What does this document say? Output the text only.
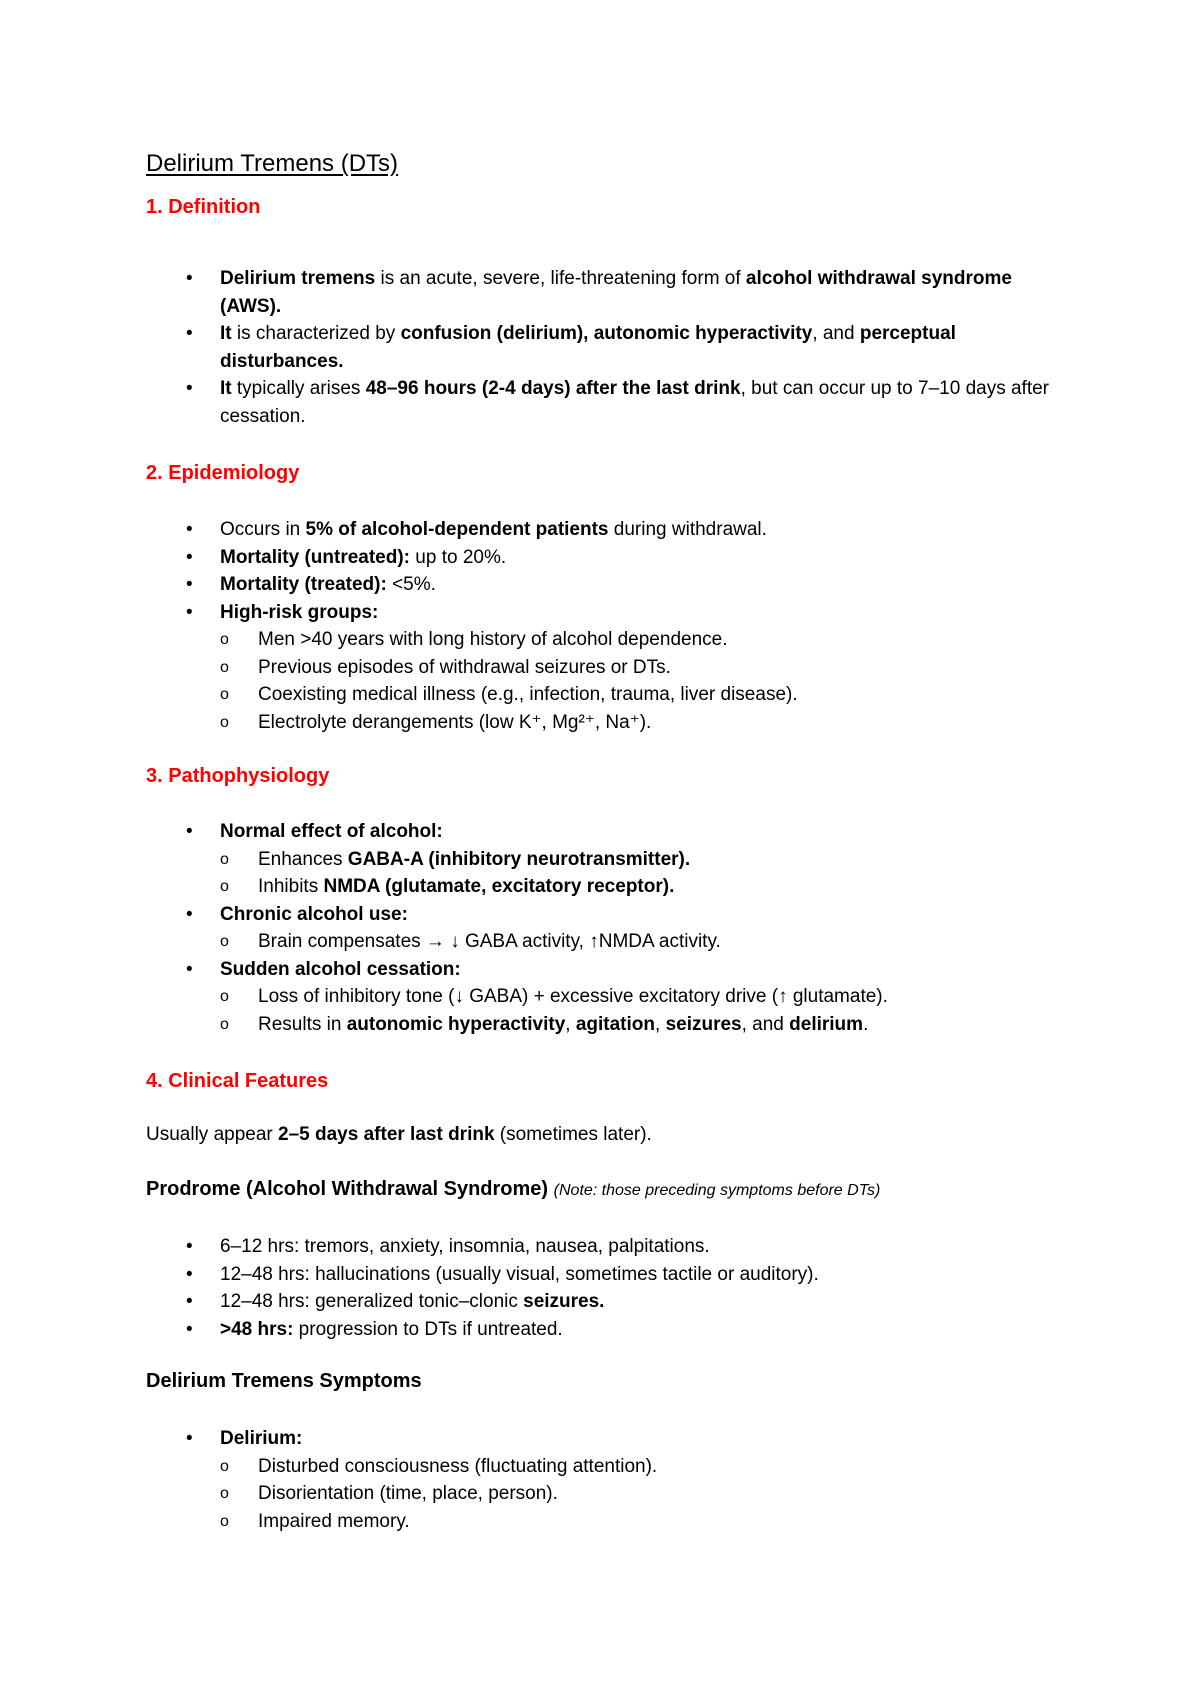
Delirium Tremens (DTs)
1. Definition
• Delirium tremens is an acute, severe, life-threatening form of alcohol withdrawal syndrome (AWS).
• It is characterized by confusion (delirium), autonomic hyperactivity, and perceptual disturbances.
• It typically arises 48–96 hours (2-4 days) after the last drink, but can occur up to 7–10 days after cessation.
2. Epidemiology
• Occurs in 5% of alcohol-dependent patients during withdrawal.
• Mortality (untreated): up to 20%.
• Mortality (treated): <5%.
• High-risk groups:
o Men >40 years with long history of alcohol dependence.
o Previous episodes of withdrawal seizures or DTs.
o Coexisting medical illness (e.g., infection, trauma, liver disease).
o Electrolyte derangements (low K⁺, Mg²⁺, Na⁺).
3. Pathophysiology
• Normal effect of alcohol:
o Enhances GABA-A (inhibitory neurotransmitter).
o Inhibits NMDA (glutamate, excitatory receptor).
• Chronic alcohol use:
o Brain compensates → ↓ GABA activity, ↑NMDA activity.
• Sudden alcohol cessation:
o Loss of inhibitory tone (↓ GABA) + excessive excitatory drive (↑ glutamate).
o Results in autonomic hyperactivity, agitation, seizures, and delirium.
4. Clinical Features

Usually appear 2–5 days after last drink (sometimes later).

Prodrome (Alcohol Withdrawal Syndrome) (Note: those preceding symptoms before DTs)
• 6–12 hrs: tremors, anxiety, insomnia, nausea, palpitations.
• 12–48 hrs: hallucinations (usually visual, sometimes tactile or auditory).
• 12–48 hrs: generalized tonic–clonic seizures.
• >48 hrs: progression to DTs if untreated.
Delirium Tremens Symptoms
• Delirium:
o Disturbed consciousness (fluctuating attention).
o Disorientation (time, place, person).
o Impaired memory.
